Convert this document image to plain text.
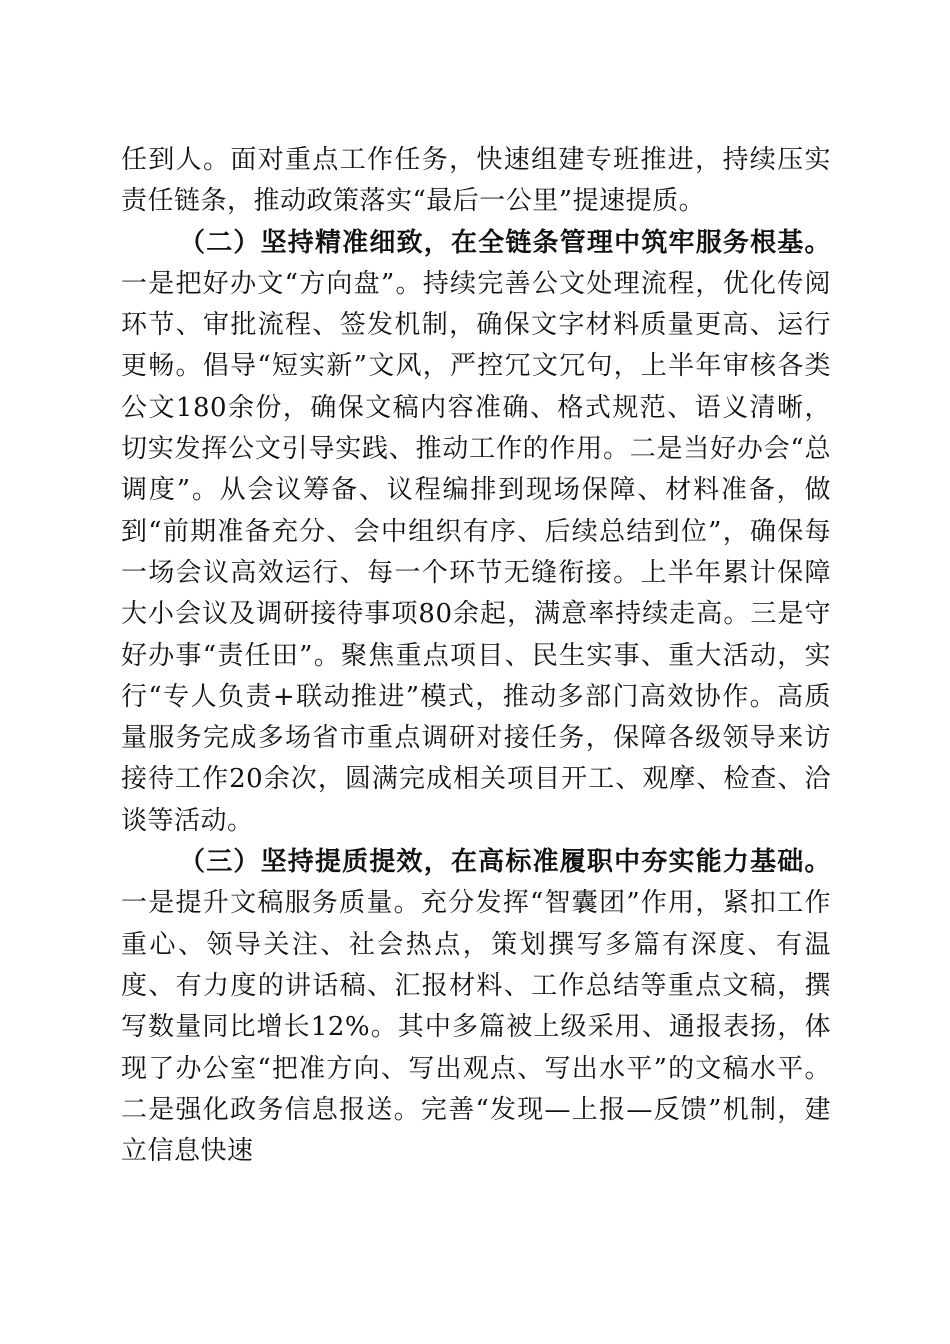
任到人。面对重点工作任务，快速组建专班推进，持续压实责任链条，推动政策落实“最后一公里”提速提质。

（二）坚持精准细致，在全链条管理中筑牢服务根基。一是把好办文“方向盘”。持续完善公文处理流程，优化传阅环节、审批流程、签发机制，确保文字材料质量更高、运行更畅。倡导“短实新”文风，严控冗文冗句，上半年审核各类公文180余份，确保文稿内容准确、格式规范、语义清晰，切实发挥公文引导实践、推动工作的作用。二是当好办会“总调度”。从会议筹备、议程编排到现场保障、材料准备，做到“前期准备充分、会中组织有序、后续总结到位”，确保每一场会议高效运行、每一个环节无缝衔接。上半年累计保障大小会议及调研接待事项80余起，满意率持续走高。三是守好办事“责任田”。聚焦重点项目、民生实事、重大活动，实行“专人负责+联动推进”模式，推动多部门高效协作。高质量服务完成多场省市重点调研对接任务，保障各级领导来访接待工作20余次，圆满完成相关项目开工、观摩、检查、洽谈等活动。

（三）坚持提质提效，在高标准履职中夯实能力基础。一是提升文稿服务质量。充分发挥“智囊团”作用，紧扣工作重心、领导关注、社会热点，策划撰写多篇有深度、有温度、有力度的讲话稿、汇报材料、工作总结等重点文稿，撰写数量同比增长12%。其中多篇被上级采用、通报表扬，体现了办公室“把准方向、写出观点、写出水平”的文稿水平。二是强化政务信息报送。完善“发现—上报—反馈”机制，建立信息快速
